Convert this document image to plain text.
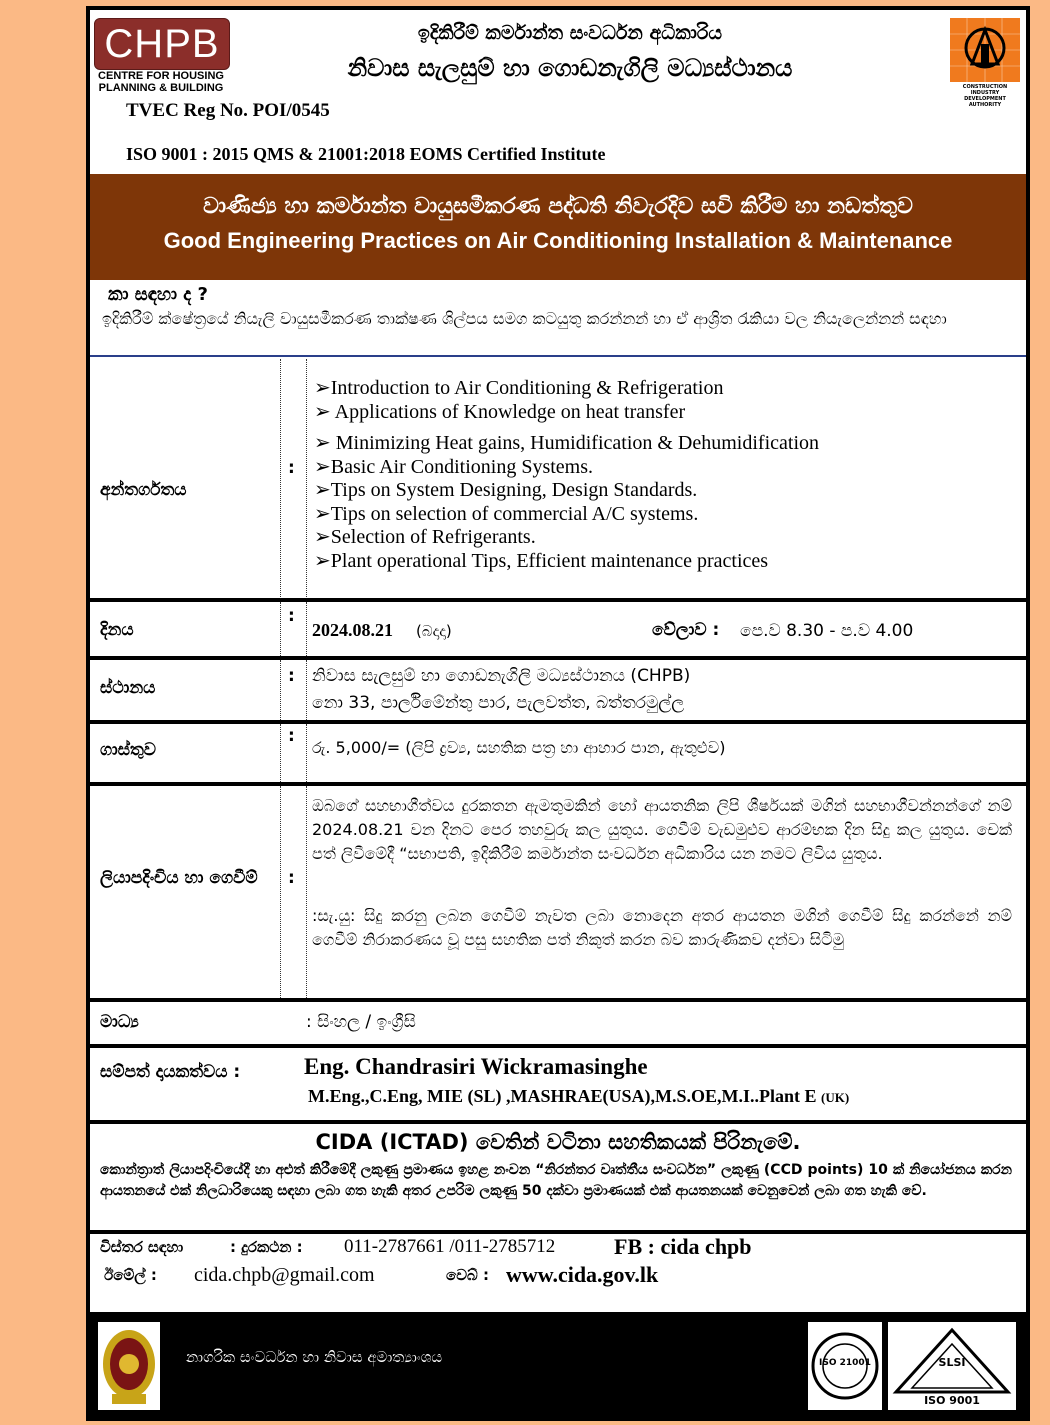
CHPB
CENTRE FOR HOUSING PLANNING & BUILDING
ඉදිකිරීම් කර්මාන්ත සංවර්ධන අධිකාරිය
නිවාස සැලසුම් හා ගොඩනැගිලි මධ්‍යස්ථානය
CONSTRUCTION INDUSTRY DEVELOPMENT AUTHORITY
TVEC Reg No. POI/0545
ISO 9001 : 2015 QMS & 21001:2018 EOMS Certified Institute
වාණිජ්‍ය හා කර්මාන්ත වායුසමීකරණ පද්ධති නිවැරදිව සවි කිරීම හා නඩත්තුව
Good Engineering Practices on Air Conditioning Installation & Maintenance
කා සඳහා ද ?
ඉදිකිරීම් ක්ෂේත්‍රයේ නියැලි වායුසමීකරණ තාක්ෂණ ශිල්පය සමග කටයුතු කරන්නන් හා ඒ ආශ්‍රිත රැකියා වල නියැලෙන්නන් සඳහා
අන්තර්ගතය
:
➢Introduction to Air Conditioning & Refrigeration
➢ Applications of Knowledge on heat transfer
➢ Minimizing Heat gains, Humidification & Dehumidification
➢Basic Air Conditioning Systems.
➢Tips on System Designing, Design Standards.
➢Tips on selection of commercial A/C systems.
➢Selection of Refrigerants.
➢Plant operational Tips, Efficient maintenance practices
දිනය
:
2024.08.21 (බදාදා)	වේලාව : පෙ.ව 8.30 - ප.ව 4.00
ස්ථානය
: නිවාස සැලසුම් හා ගොඩනැගිලි මධ්‍යස්ථානය (CHPB)
නො 33, පාර්ලිමේන්තු පාර, පැලවත්ත, බත්තරමුල්ල
ගාස්තුව
:
රු. 5,000/= (ලිපි ද්‍රව්‍ය, සහතික පත්‍ර හා ආහාර පාන, ඇතුළුව)
ලියාපදිංචිය හා ගෙවීම්	:
ඔබගේ සහභාගීත්වය දුරකතන ඇමතුමකින් හෝ ආයතනික ලිපි ශීර්ෂයක් මගින් සහභාගීවන්නන්ගේ නම් 2024.08.21 වන දිනට පෙර තහවුරු කල යුතුය. ගෙවීම් වැඩමුළුව ආරම්භක දින සිදු කල යුතුය. චෙක් පත් ලිවීමේදී “සභාපති, ඉදිකිරීම් කර්මාන්ත සංවර්ධන අධිකාරිය යන නමට ලිවිය යුතුය.
:සැ.යු: සිදු කරනු ලබන ගෙවීම් නැවත ලබා නොදෙන අතර ආයතන මගින් ගෙවීම් සිදු කරන්නේ නම් ගෙවීම් නිරාකරණය වූ පසු සහතික පත් නිකුත් කරන බව කාරුණිකව දන්වා සිටිමු
මාධ්‍ය	: සිංහල / ඉංග්‍රීසි
සම්පත් දායකත්වය :	Eng. Chandrasiri Wickramasinghe
M.Eng.,C.Eng, MIE (SL) ,MASHRAE(USA),M.S.OE,M.I..Plant E (UK)
CIDA (ICTAD) වෙතින් වටිනා සහතිකයක් පිරිනැමේ.
කොන්ත්‍රාත් ලියාපදිංචියේදී හා අළුත් කිරීමේදී ලකුණු ප්‍රමාණය ඉහළ නංවන “නිරන්තර වෘත්තීය සංවර්ධන” ලකුණු (CCD points) 10 ක් නියෝජනය කරන ආයතනයේ එක් නිලධාරියෙකු සඳහා ලබා ගත හැකි අතර උපරිම ලකුණු 50 දක්වා ප්‍රමාණයක් එක් ආයතනයක් වෙනුවෙන් ලබා ගත හැකි වේ.
විස්තර සඳහා	: දුරකථන : 011-2787661 /011-2785712	FB : cida chpb
ඊමේල් : cida.chpb@gmail.com	වෙබ් : www.cida.gov.lk
නාගරික සංවර්ධන හා නිවාස අමාත්‍යාංශය	ISO 21001	SLSI
ISO 9001
